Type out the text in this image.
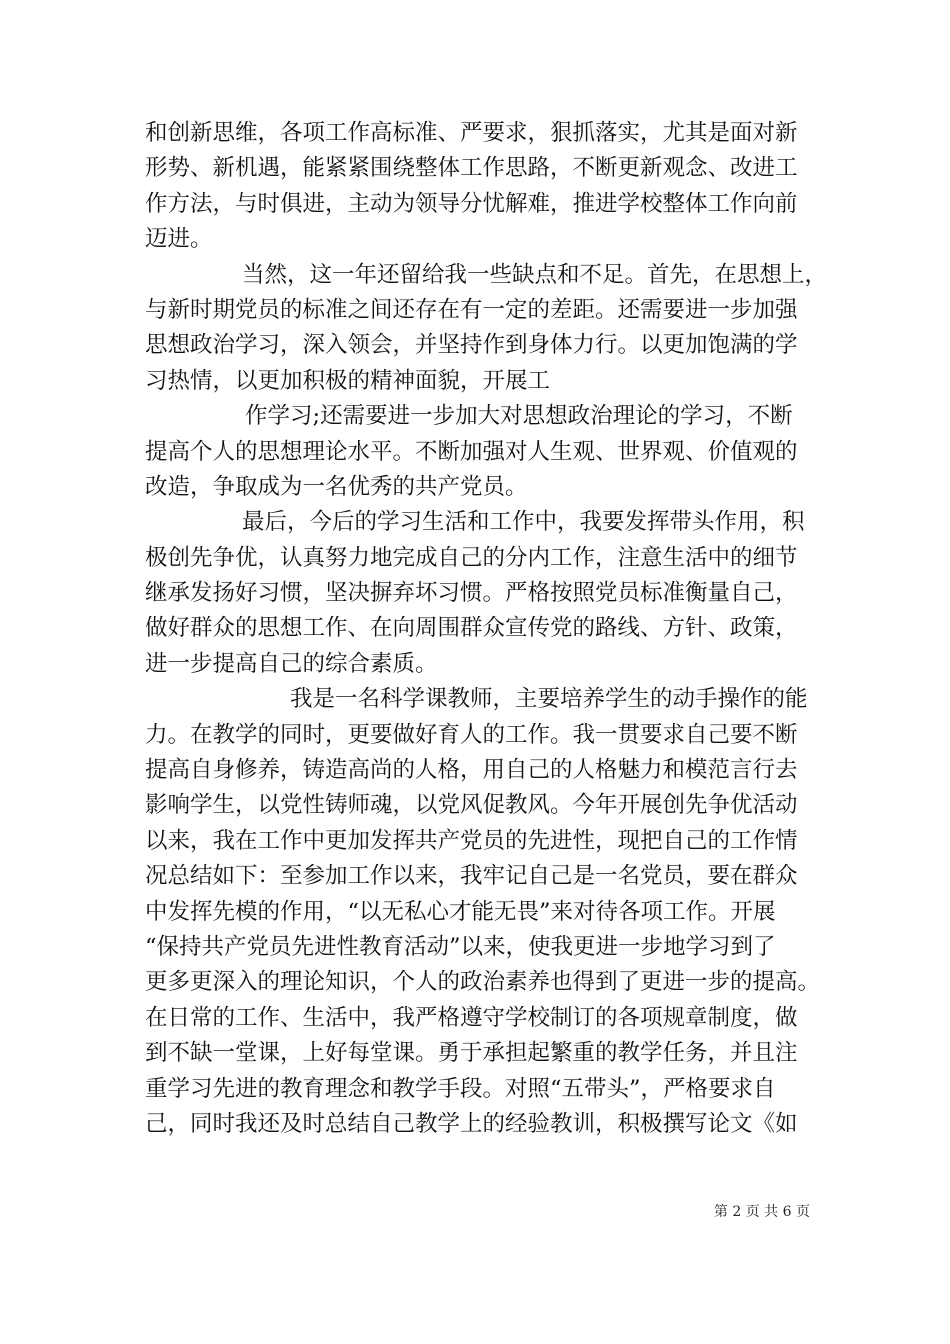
和创新思维，各项工作高标准、严要求，狠抓落实，尤其是面对新
形势、新机遇，能紧紧围绕整体工作思路，不断更新观念、改进工
作方法，与时俱进，主动为领导分忧解难，推进学校整体工作向前
迈进。
当然，这一年还留给我一些缺点和不足。首先，在思想上，
与新时期党员的标准之间还存在有一定的差距。还需要进一步加强
思想政治学习，深入领会，并坚持作到身体力行。以更加饱满的学
习热情，以更加积极的精神面貌，开展工
作学习;还需要进一步加大对思想政治理论的学习，不断
提高个人的思想理论水平。不断加强对人生观、世界观、价值观的
改造，争取成为一名优秀的共产党员。
最后，今后的学习生活和工作中，我要发挥带头作用，积
极创先争优，认真努力地完成自己的分内工作，注意生活中的细节
继承发扬好习惯，坚决摒弃坏习惯。严格按照党员标准衡量自己，
做好群众的思想工作、在向周围群众宣传党的路线、方针、政策，
进一步提高自己的综合素质。
我是一名科学课教师，主要培养学生的动手操作的能
力。在教学的同时，更要做好育人的工作。我一贯要求自己要不断
提高自身修养，铸造高尚的人格，用自己的人格魅力和模范言行去
影响学生，以党性铸师魂，以党风促教风。今年开展创先争优活动
以来，我在工作中更加发挥共产党员的先进性，现把自己的工作情
况总结如下：至参加工作以来，我牢记自己是一名党员，要在群众
中发挥先模的作用，“以无私心才能无畏”来对待各项工作。开展
“保持共产党员先进性教育活动”以来，使我更进一步地学习到了
更多更深入的理论知识，个人的政治素养也得到了更进一步的提高。
在日常的工作、生活中，我严格遵守学校制订的各项规章制度，做
到不缺一堂课，上好每堂课。勇于承担起繁重的教学任务，并且注
重学习先进的教育理念和教学手段。对照“五带头”，严格要求自
己，同时我还及时总结自己教学上的经验教训，积极撰写论文《如
第 2 页 共 6 页
